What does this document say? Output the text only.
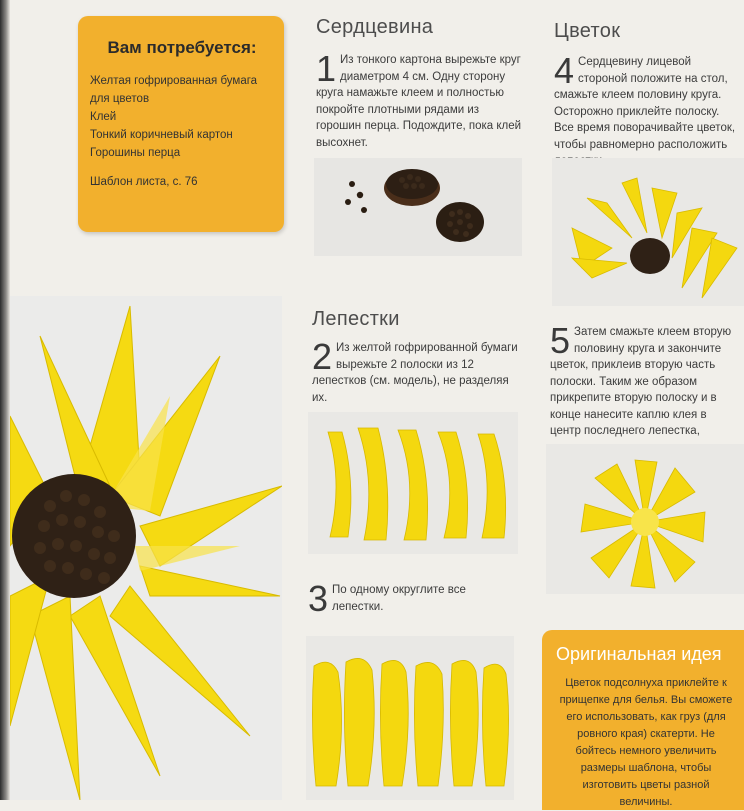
Вам потребуется:
Желтая гофрированная бумага для цветов
Клей
Тонкий коричневый картон
Горошины перца
Шаблон листа, с. 76
Сердцевина	Цветок
Лепестки
1 Из тонкого картона вырежьте круг диаметром 4 см. Одну сторону круга намажьте клеем и полностью покройте плотными рядами из горошин перца. Подождите, пока клей высохнет.
4 Сердцевину лицевой стороной положите на стол, смажьте клеем половину круга. Осторожно приклейте полоску. Все время поворачивайте цветок, чтобы равномерно расположить
2 Из желтой гофрированной бумаги вырежьте 2 полоски из 12 лепестков (см. модель), не разделяя их.
5 Затем смажьте клеем вторую половину круга и закончите цветок, приклеив вторую часть полоски. Таким же образом прикрепите вторую полоску и в конце нанесите каплю клея в центр последнего лепестка,
3 По одному округлите все лепестки.
Оригинальная идея
Цветок подсолнуха приклейте к прищепке для белья. Вы сможете его использовать, как груз (для ровного края) скатерти. Не бойтесь немного увеличить размеры шаблона, чтобы изготовить цветы разной величины.
